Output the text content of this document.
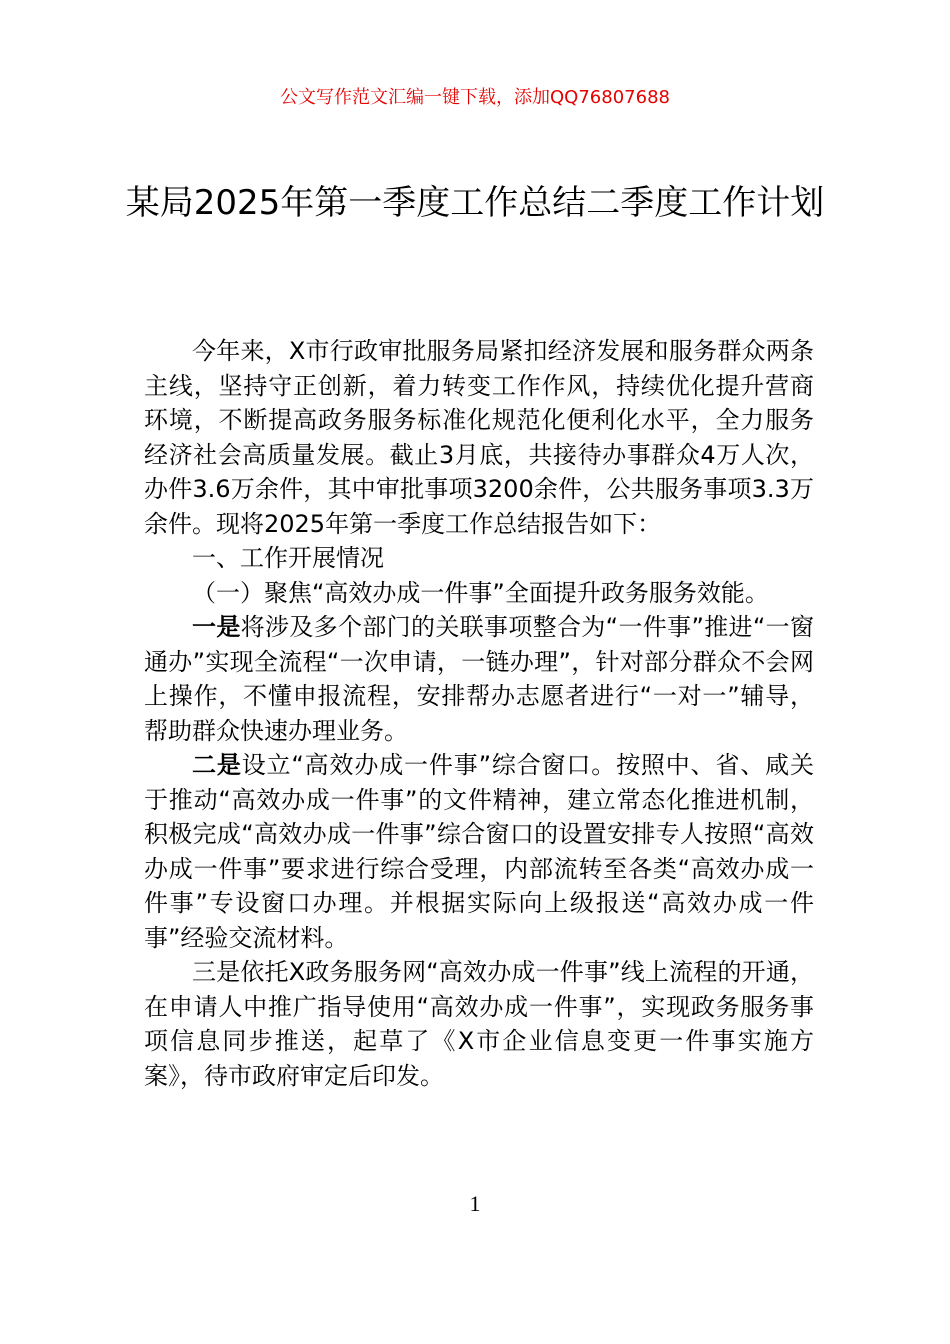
公文写作范文汇编一键下载，添加QQ76807688
某局2025年第一季度工作总结二季度工作计划

今年来，X市行政审批服务局紧扣经济发展和服务群众两条主线，坚持守正创新，着力转变工作作风，持续优化提升营商环境，不断提高政务服务标准化规范化便利化水平，全力服务经济社会高质量发展。截止3月底，共接待办事群众4万人次，办件3.6万余件，其中审批事项3200余件，公共服务事项3.3万余件。现将2025年第一季度工作总结报告如下：

一、工作开展情况

（一）聚焦“高效办成一件事”全面提升政务服务效能。

一是将涉及多个部门的关联事项整合为“一件事”推进“一窗通办”实现全流程“一次申请，一链办理”，针对部分群众不会网上操作，不懂申报流程，安排帮办志愿者进行“一对一”辅导，帮助群众快速办理业务。

二是设立“高效办成一件事”综合窗口。按照中、省、咸关于推动“高效办成一件事”的文件精神，建立常态化推进机制，积极完成“高效办成一件事”综合窗口的设置安排专人按照“高效办成一件事”要求进行综合受理，内部流转至各类“高效办成一件事”专设窗口办理。并根据实际向上级报送“高效办成一件事”经验交流材料。

三是依托X政务服务网“高效办成一件事”线上流程的开通，在申请人中推广指导使用“高效办成一件事”，实现政务服务事项信息同步推送，起草了《X市企业信息变更一件事实施方案》，待市政府审定后印发。

1
